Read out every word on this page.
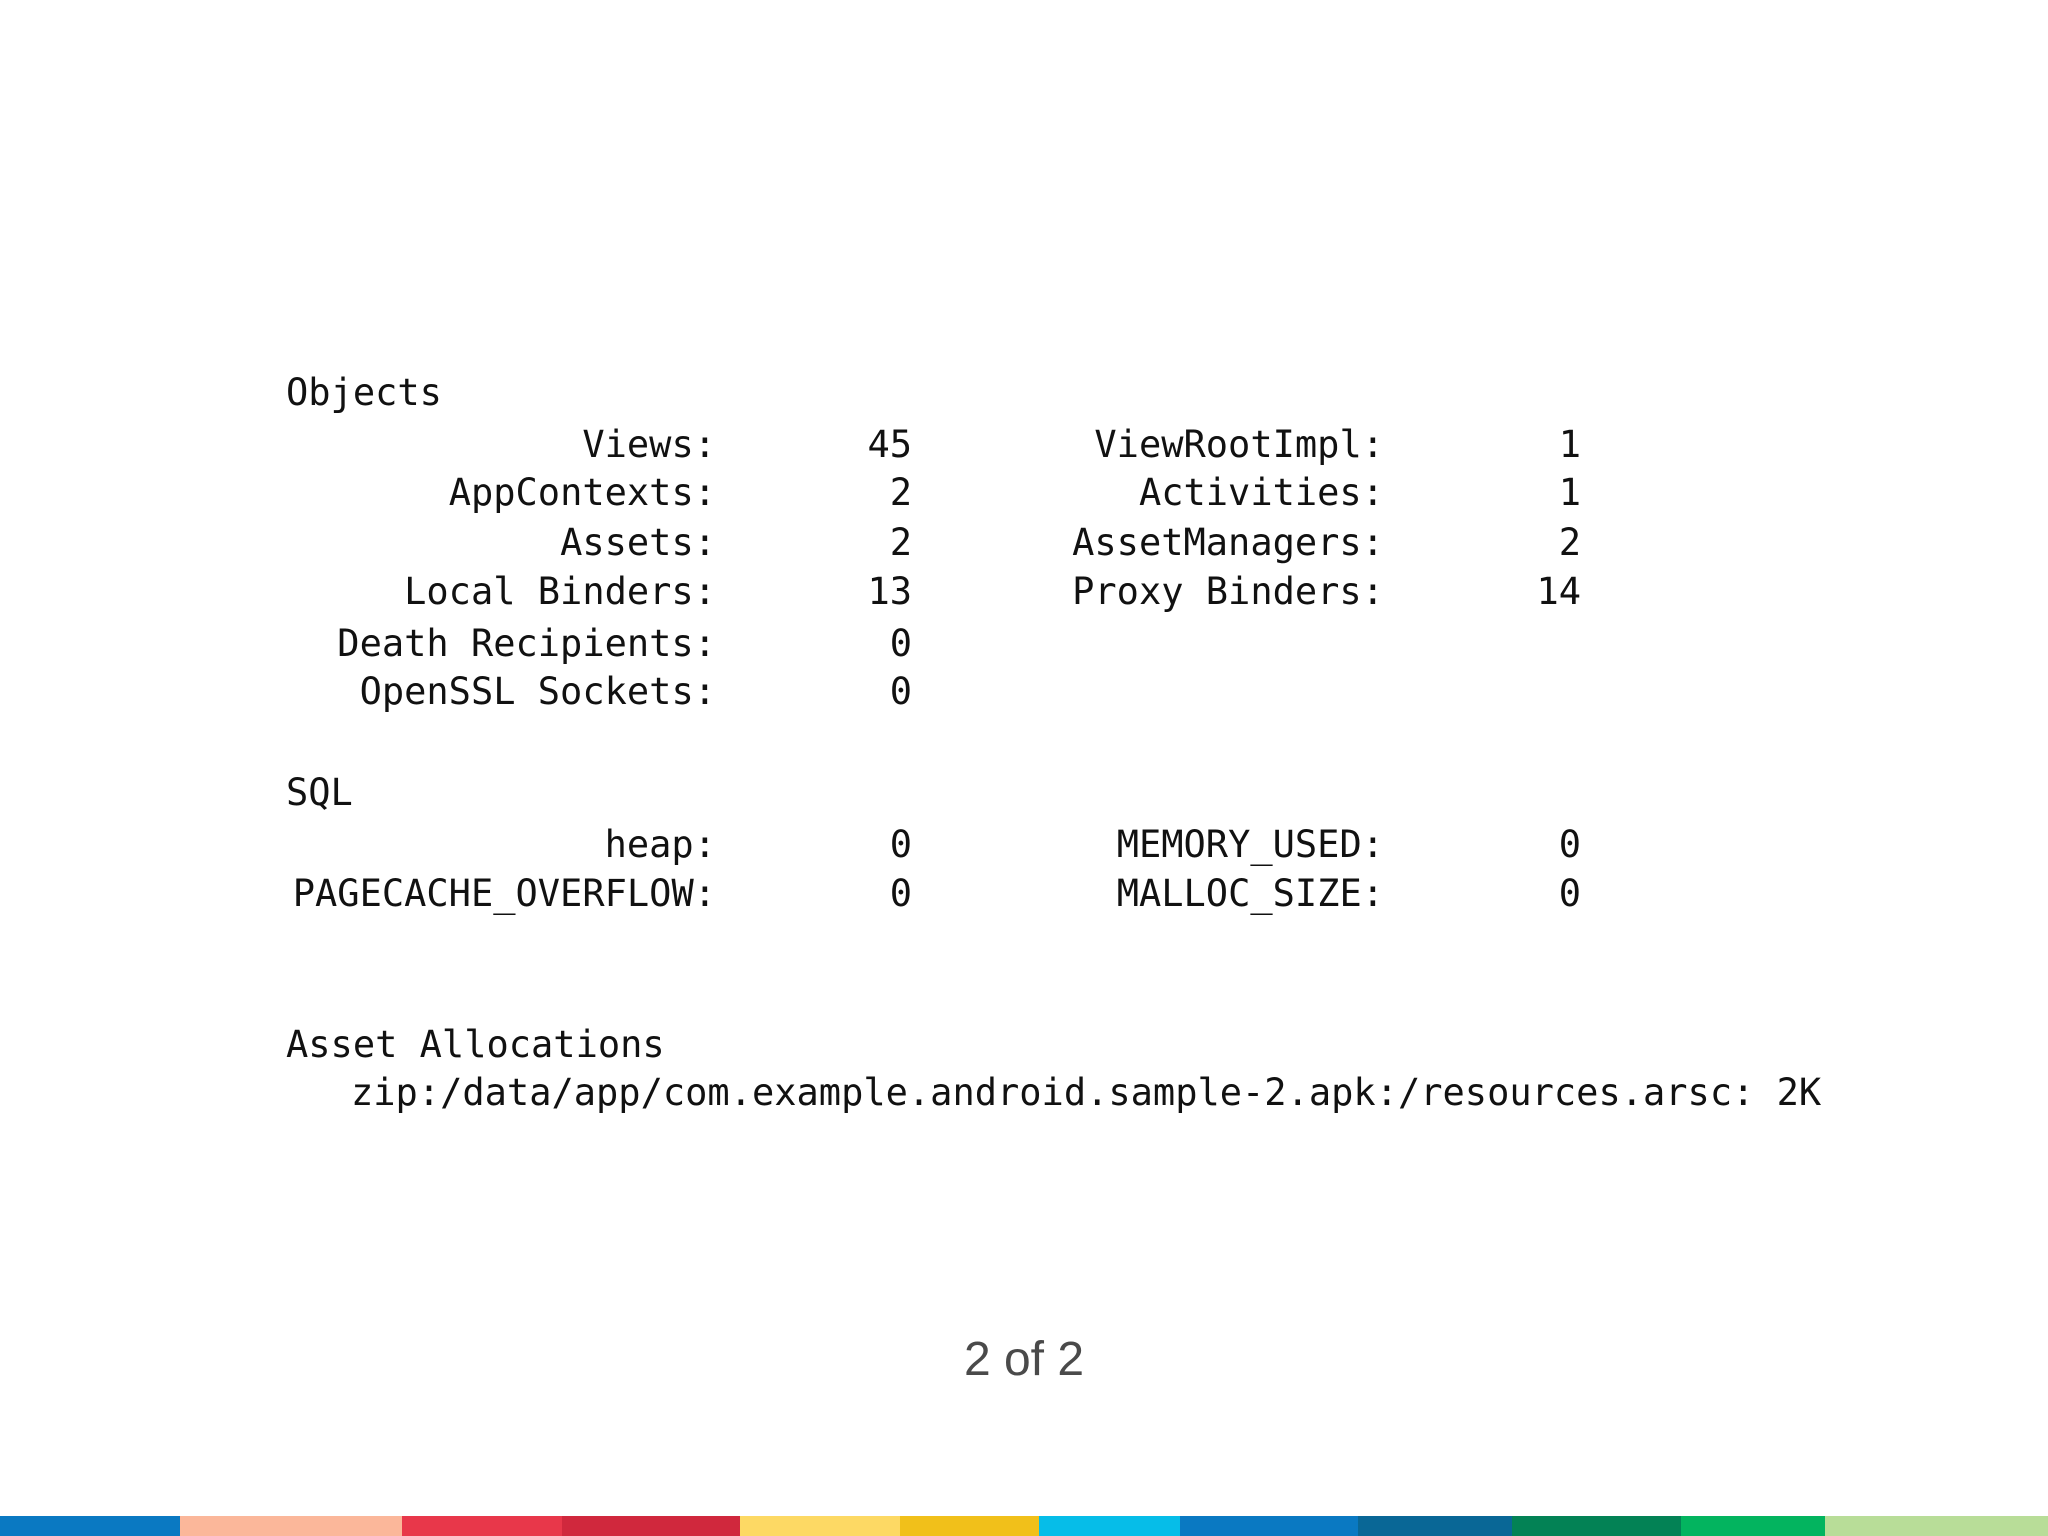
Objects
Views:	45	ViewRootImpl:	1
AppContexts:	2	Activities:	1
Assets:	2	AssetManagers:	2
Local Binders:	13	Proxy Binders:	14
Death Recipients:	0
OpenSSL Sockets:	0
SQL
heap:	0	MEMORY_USED:	0
PAGECACHE_OVERFLOW:	0	MALLOC_SIZE:	0
Asset Allocations
zip:/data/app/com.example.android.sample-2.apk:/resources.arsc: 2K
2 of 2
